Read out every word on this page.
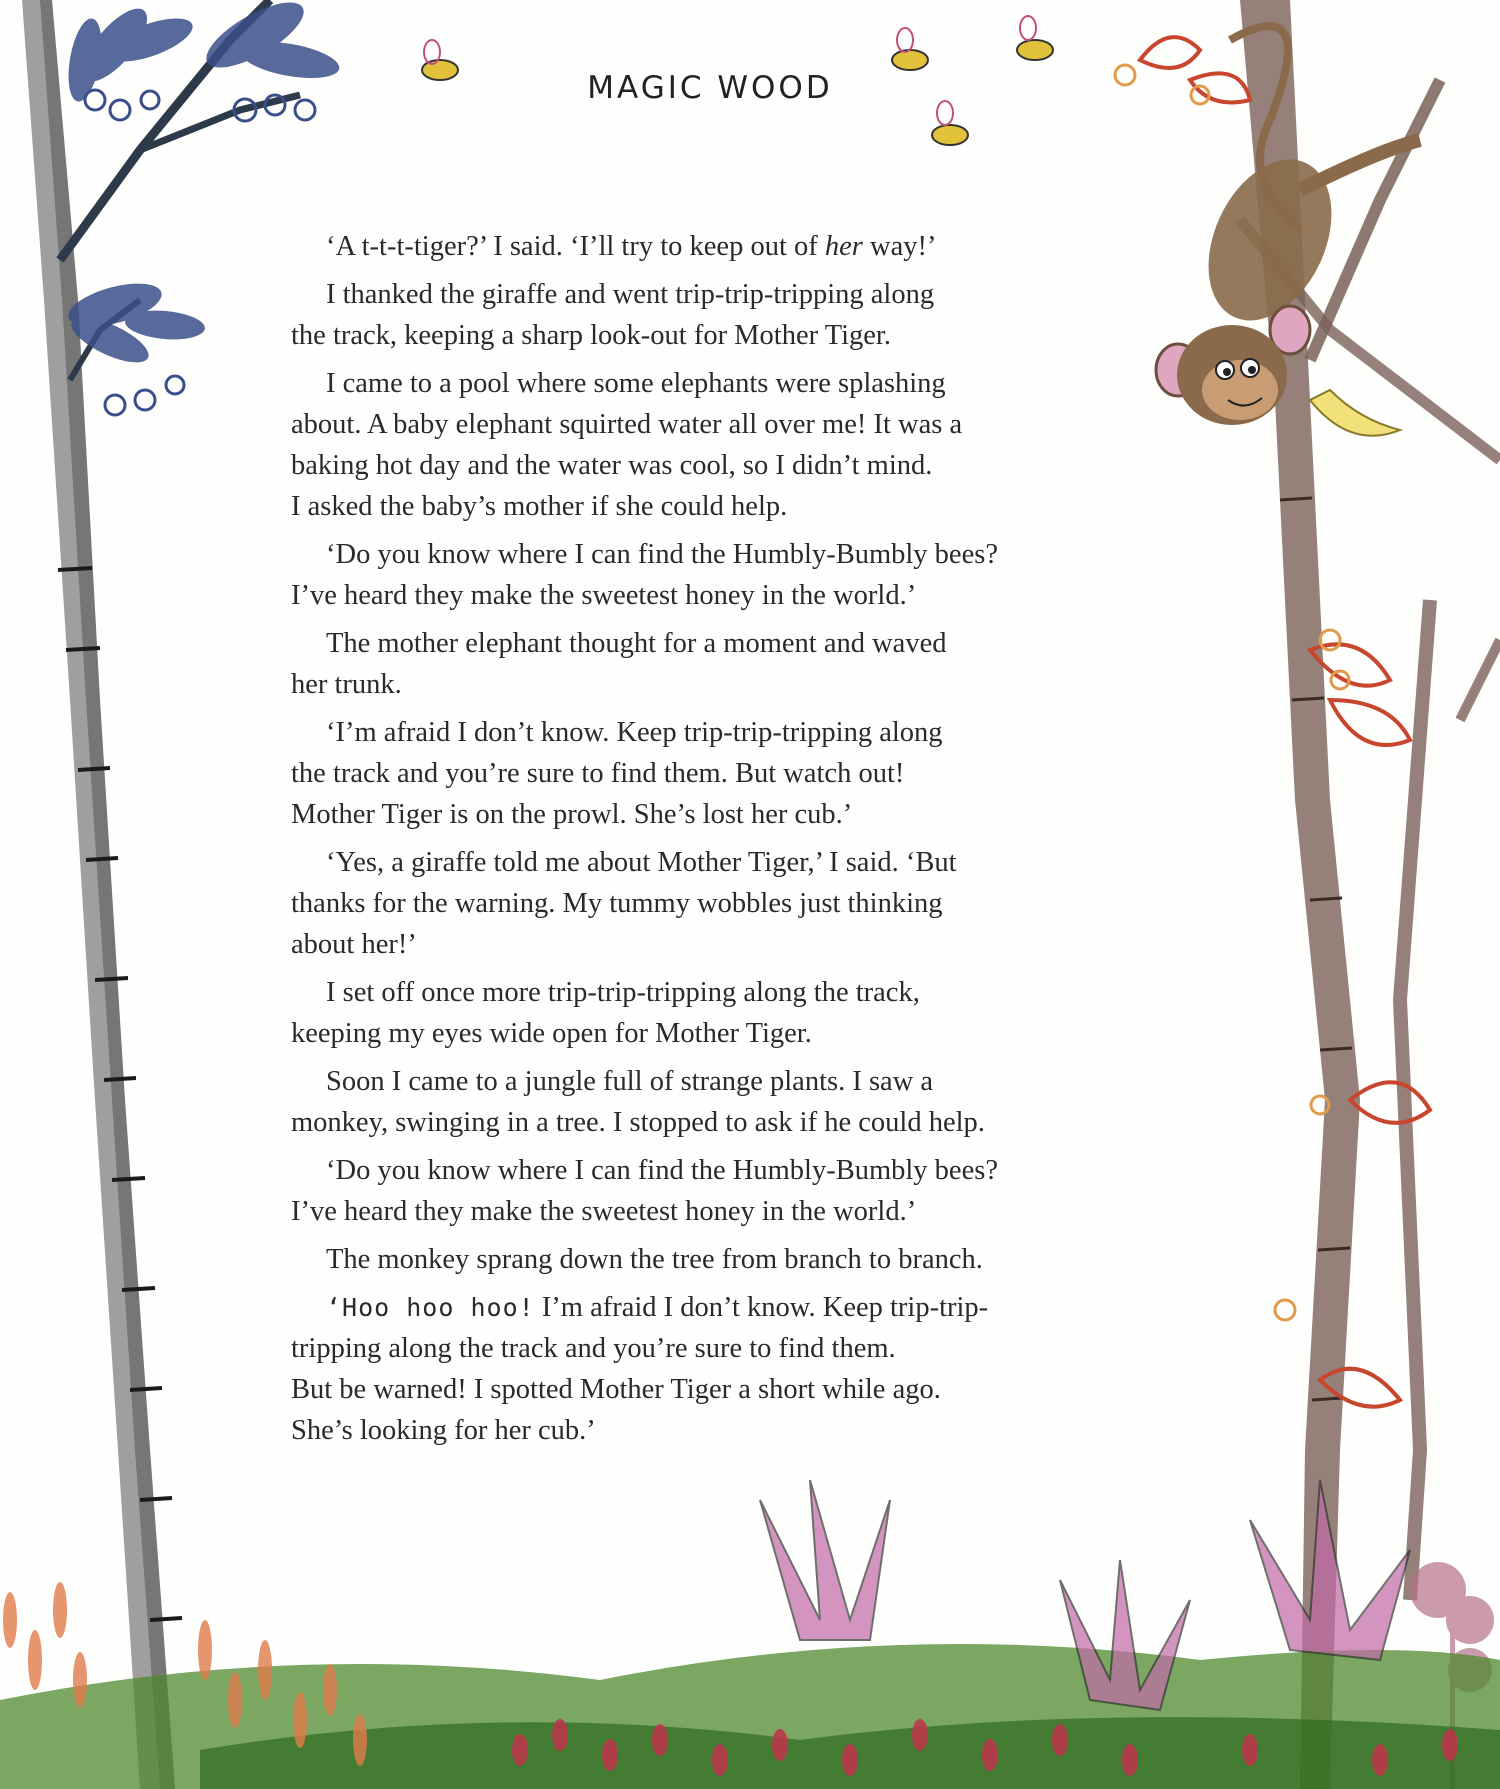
MAGIC WOOD

‘A t-t-t-tiger?’ I said. ‘I’ll try to keep out of her way!’

I thanked the giraffe and went trip-trip-tripping along
the track, keeping a sharp look-out for Mother Tiger.

I came to a pool where some elephants were splashing
about. A baby elephant squirted water all over me! It was a
baking hot day and the water was cool, so I didn’t mind.
I asked the baby’s mother if she could help.

‘Do you know where I can find the Humbly-Bumbly bees?
I’ve heard they make the sweetest honey in the world.’

The mother elephant thought for a moment and waved
her trunk.

‘I’m afraid I don’t know. Keep trip-trip-tripping along
the track and you’re sure to find them. But watch out!
Mother Tiger is on the prowl. She’s lost her cub.’

‘Yes, a giraffe told me about Mother Tiger,’ I said. ‘But
thanks for the warning. My tummy wobbles just thinking
about her!’

I set off once more trip-trip-tripping along the track,
keeping my eyes wide open for Mother Tiger.

Soon I came to a jungle full of strange plants. I saw a
monkey, swinging in a tree. I stopped to ask if he could help.

‘Do you know where I can find the Humbly-Bumbly bees?
I’ve heard they make the sweetest honey in the world.’

The monkey sprang down the tree from branch to branch.

‘Hoo hoo hoo! I’m afraid I don’t know. Keep trip-trip-
tripping along the track and you’re sure to find them.
But be warned! I spotted Mother Tiger a short while ago.
She’s looking for her cub.’
